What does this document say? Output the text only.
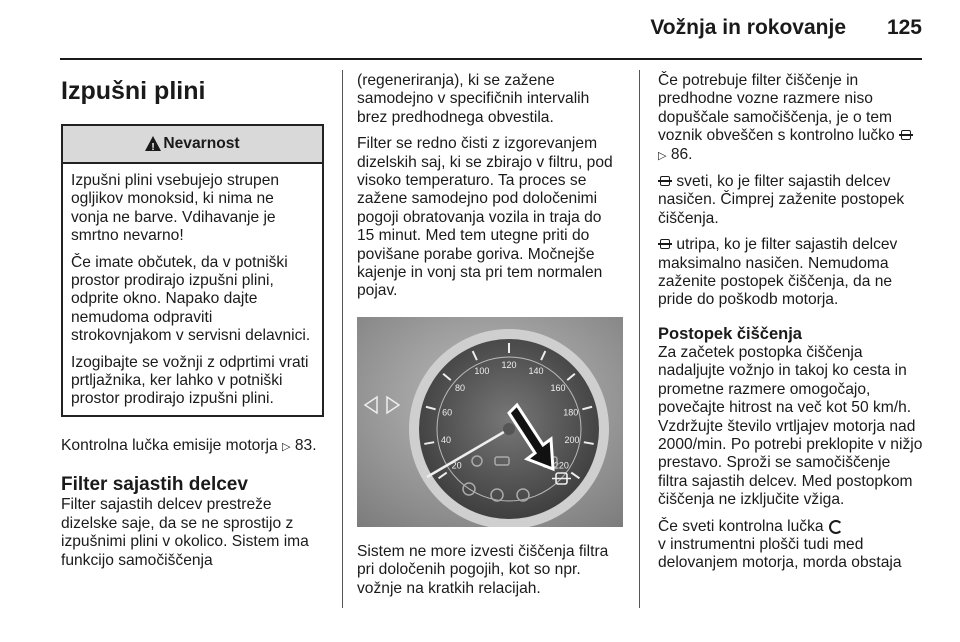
Vožnja in rokovanje 125
Izpušni plini
!
Nevarnost

Izpušni plini vsebujejo strupen ogljikov monoksid, ki nima ne vonja ne barve. Vdihavanje je smrtno nevarno!

Če imate občutek, da v potniški prostor prodirajo izpušni plini, odprite okno. Napako dajte nemudoma odpraviti strokovnjakom v servisni delavnici.

Izogibajte se vožnji z odprtimi vrati prtljažnika, ker lahko v potniški prostor prodirajo izpušni plini.

Kontrolna lučka emisije motorja ▷ 83.

Filter sajastih delcev

Filter sajastih delcev prestreže dizelske saje, da se ne sprostijo z izpušnimi plini v okolico. Sistem ima funkcijo samočiščenja

(regeneriranja), ki se zažene samodejno v specifičnih intervalih brez predhodnega obvestila.

Filter se redno čisti z izgorevanjem dizelskih saj, ki se zbirajo v filtru, pod visoko temperaturo. Ta proces se zažene samodejno pod določenimi pogoji obratovanja vozila in traja do 15 minut. Med tem utegne priti do povišane porabe goriva. Močnejše kajenje in vonj sta pri tem normalen pojav.

20
40
60
80
100
120
140
160
180
200
220

Sistem ne more izvesti čiščenja filtra pri določenih pogojih, kot so npr. vožnje na kratkih relacijah.

Če potrebuje filter čiščenje in predhodne vozne razmere niso dopuščale samočiščenja, je o tem voznik obveščen s kontrolno lučko
▷ 86.

sveti, ko je filter sajastih delcev nasičen. Čimprej zaženite postopek čiščenja.

utripa, ko je filter sajastih delcev maksimalno nasičen. Nemudoma zaženite postopek čiščenja, da ne pride do poškodb motorja.

Postopek čiščenja

Za začetek postopka čiščenja nadaljujte vožnjo in takoj ko cesta in prometne razmere omogočajo, povečajte hitrost na več kot 50 km/h. Vzdržujte število vrtljajev motorja nad 2000/min. Po potrebi preklopite v nižjo prestavo. Sproži se samočiščenje filtra sajastih delcev. Med postopkom čiščenja ne izključite vžiga.

Če sveti kontrolna lučka
v instrumentni plošči tudi med delovanjem motorja, morda obstaja
